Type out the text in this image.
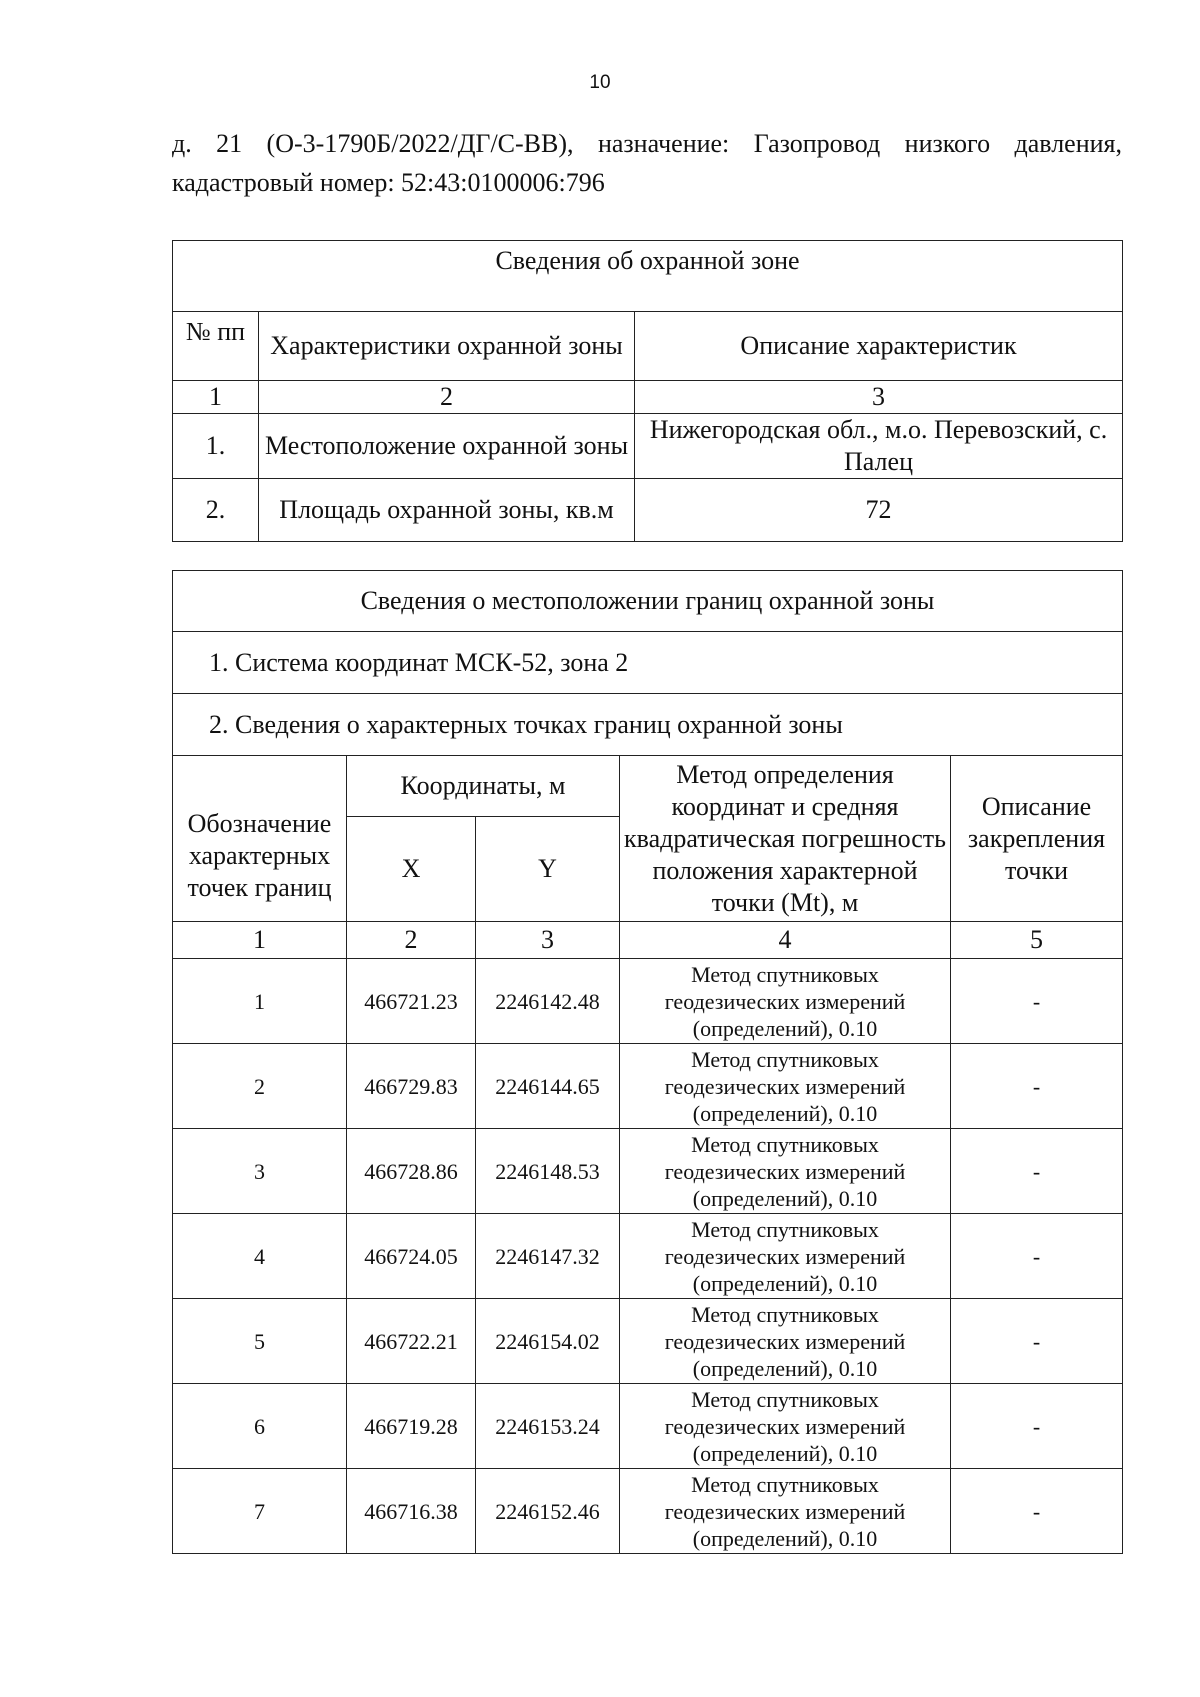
10
д. 21 (О-3-1790Б/2022/ДГ/С-ВВ), назначение: Газопровод низкого давления, кадастровый номер: 52:43:0100006:796
Сведения об охранной зоне		
№ пп	Характеристики охранной зоны	Описание характеристик
1	2	3
1.	Местоположение охранной зоны	Нижегородская обл., м.о. Перевозский, с. Палец
2.	Площадь охранной зоны, кв.м	72
Сведения о местоположении границ охранной зоны				
1. Система координат МСК-52, зона 2				
2. Сведения о характерных точках границ охранной зоны				
Обозначение характерных точек границ	Координаты, м		Метод определения координат и средняя квадратическая погрешность положения характерной точки (Mt), м	Описание закрепления точки
	X	Y		
1	2	3	4	5
1	466721.23	2246142.48	Метод спутниковых геодезических измерений (определений), 0.10	-
2	466729.83	2246144.65	Метод спутниковых геодезических измерений (определений), 0.10	-
3	466728.86	2246148.53	Метод спутниковых геодезических измерений (определений), 0.10	-
4	466724.05	2246147.32	Метод спутниковых геодезических измерений (определений), 0.10	-
5	466722.21	2246154.02	Метод спутниковых геодезических измерений (определений), 0.10	-
6	466719.28	2246153.24	Метод спутниковых геодезических измерений (определений), 0.10	-
7	466716.38	2246152.46	Метод спутниковых геодезических измерений (определений), 0.10	-
